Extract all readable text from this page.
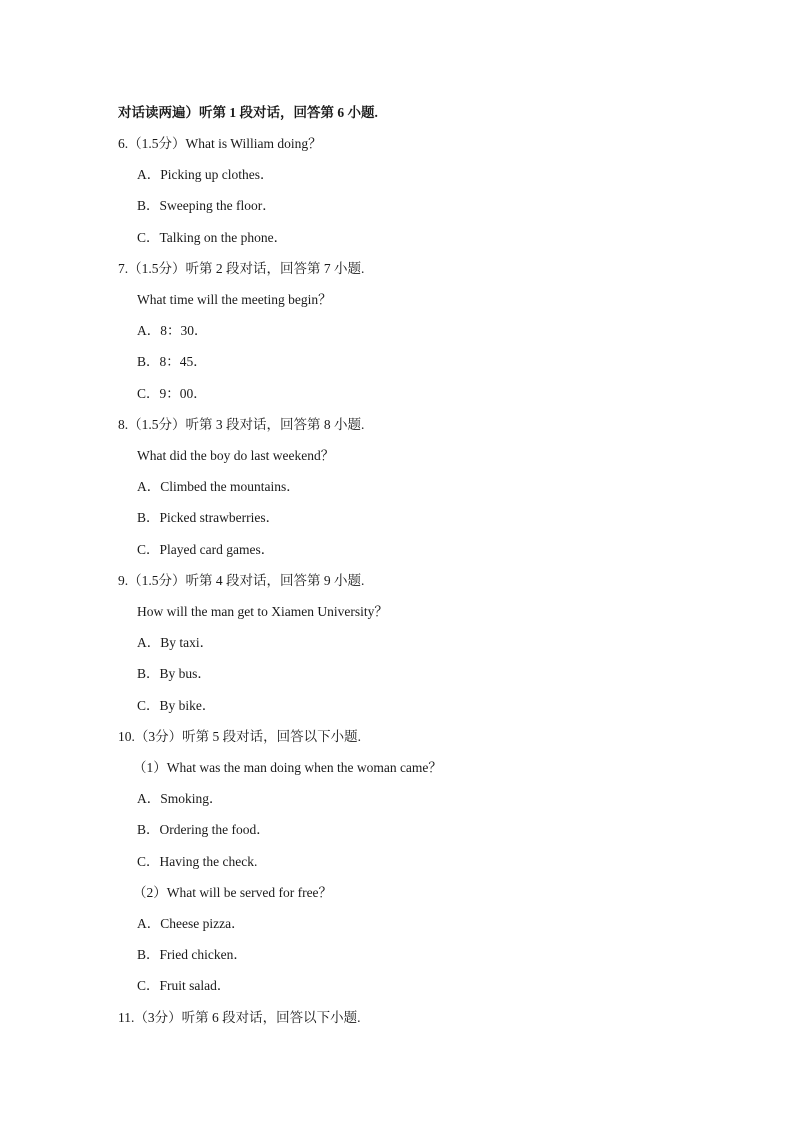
对话读两遍）听第 1 段对话，回答第 6 小题.
6.（1.5分）What is William doing？
A．Picking up clothes．
B．Sweeping the floor．
C．Talking on the phone．
7.（1.5分）听第 2 段对话，回答第 7 小题.
What time will the meeting begin？
A．8：30．
B．8：45．
C．9：00．
8.（1.5分）听第 3 段对话，回答第 8 小题.
What did the boy do last weekend？
A．Climbed the mountains．
B．Picked strawberries．
C．Played card games．
9.（1.5分）听第 4 段对话，回答第 9 小题.
How will the man get to Xiamen University？
A．By taxi．
B．By bus．
C．By bike．
10.（3分）听第 5 段对话，回答以下小题.
（1）What was the man doing when the woman came？
A．Smoking．
B．Ordering the food．
C．Having the check.
（2）What will be served for free？
A．Cheese pizza．
B．Fried chicken．
C．Fruit salad．
11.（3分）听第 6 段对话，回答以下小题.
